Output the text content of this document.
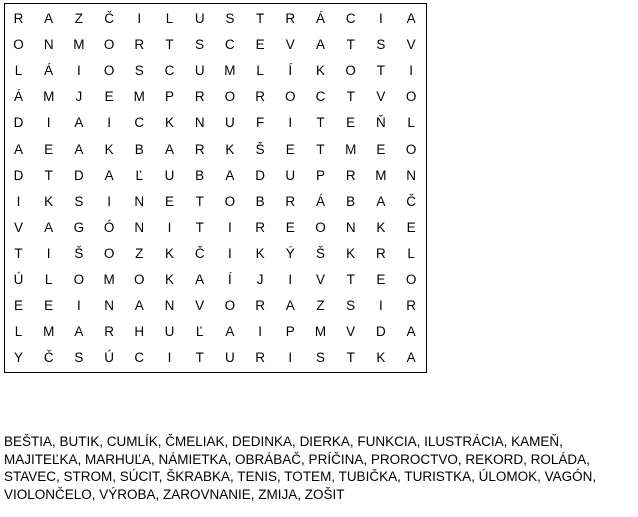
R	A	Z	Č	I	L	U	S	T	R	Á	C	I	A
O	N	M	O	R	T	S	C	E	V	A	T	S	V
L	Á	I	O	S	C	U	M	L	Í	K	O	T	I
Á	M	J	E	M	P	R	O	R	O	C	T	V	O
D	I	A	I	C	K	N	U	F	I	T	E	Ň	L
A	E	A	K	B	A	R	K	Š	E	T	M	E	O
D	T	D	A	Ľ	U	B	A	D	U	P	R	M	N
I	K	S	I	N	E	T	O	B	R	Á	B	A	Č
V	A	G	Ó	N	I	T	I	R	E	O	N	K	E
T	I	Š	O	Z	K	Č	I	K	Ý	Š	K	R	L
Ú	L	O	M	O	K	A	Í	J	I	V	T	E	O
E	E	I	N	A	N	V	O	R	A	Z	S	I	R
L	M	A	R	H	U	Ľ	A	I	P	M	V	D	A
Y	Č	S	Ú	C	I	T	U	R	I	S	T	K	A
BEŠTIA, BUTIK, CUMLÍK, ČMELIAK, DEDINKA, DIERKA, FUNKCIA, ILUSTRÁCIA, KAMEŇ,
MAJITEĽKA, MARHUĽA, NÁMIETKA, OBRÁBAČ, PRÍČINA, PROROCTVO, REKORD, ROLÁDA,
STAVEC, STROM, SÚCIT, ŠKRABKA, TENIS, TOTEM, TUBIČKA, TURISTKA, ÚLOMOK, VAGÓN,
VIOLONČELO, VÝROBA, ZAROVNANIE, ZMIJA, ZOŠIT
